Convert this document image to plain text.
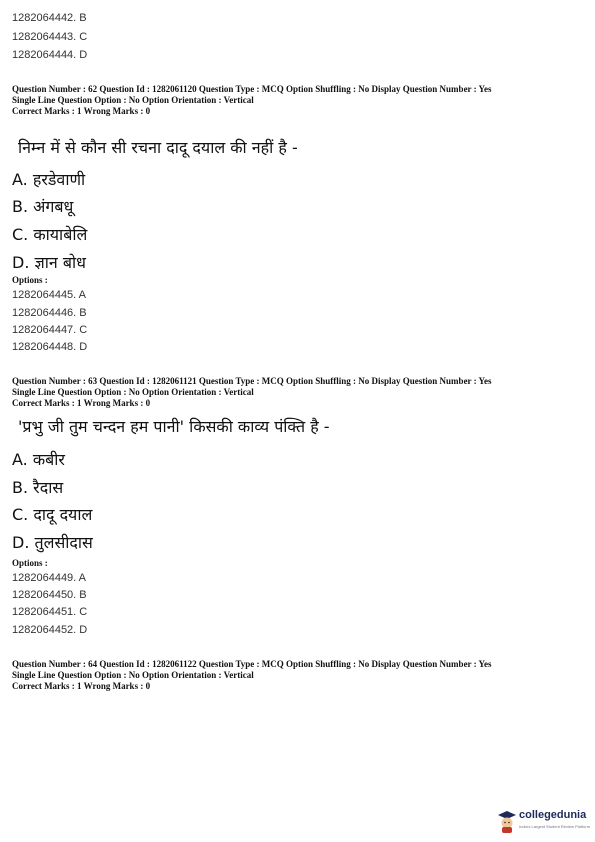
1282064442. B
1282064443. C
1282064444. D
Question Number : 62 Question Id : 1282061120 Question Type : MCQ Option Shuffling : No Display Question Number : Yes
Single Line Question Option : No Option Orientation : Vertical
Correct Marks : 1 Wrong Marks : 0
निम्न में से कौन सी रचना दादू दयाल की नहीं है -
A. हरडेवाणी
B. अंगबधू
C. कायाबेलि
D. ज्ञान बोध
Options :
1282064445. A
1282064446. B
1282064447. C
1282064448. D
Question Number : 63 Question Id : 1282061121 Question Type : MCQ Option Shuffling : No Display Question Number : Yes
Single Line Question Option : No Option Orientation : Vertical
Correct Marks : 1 Wrong Marks : 0
'प्रभु जी तुम चन्दन हम पानी' किसकी काव्य पंक्ति है -
A. कबीर
B. रैदास
C. दादू दयाल
D. तुलसीदास
Options :
1282064449. A
1282064450. B
1282064451. C
1282064452. D
Question Number : 64 Question Id : 1282061122 Question Type : MCQ Option Shuffling : No Display Question Number : Yes
Single Line Question Option : No Option Orientation : Vertical
Correct Marks : 1 Wrong Marks : 0
collegedunia
India's Largest Student Review Platform
